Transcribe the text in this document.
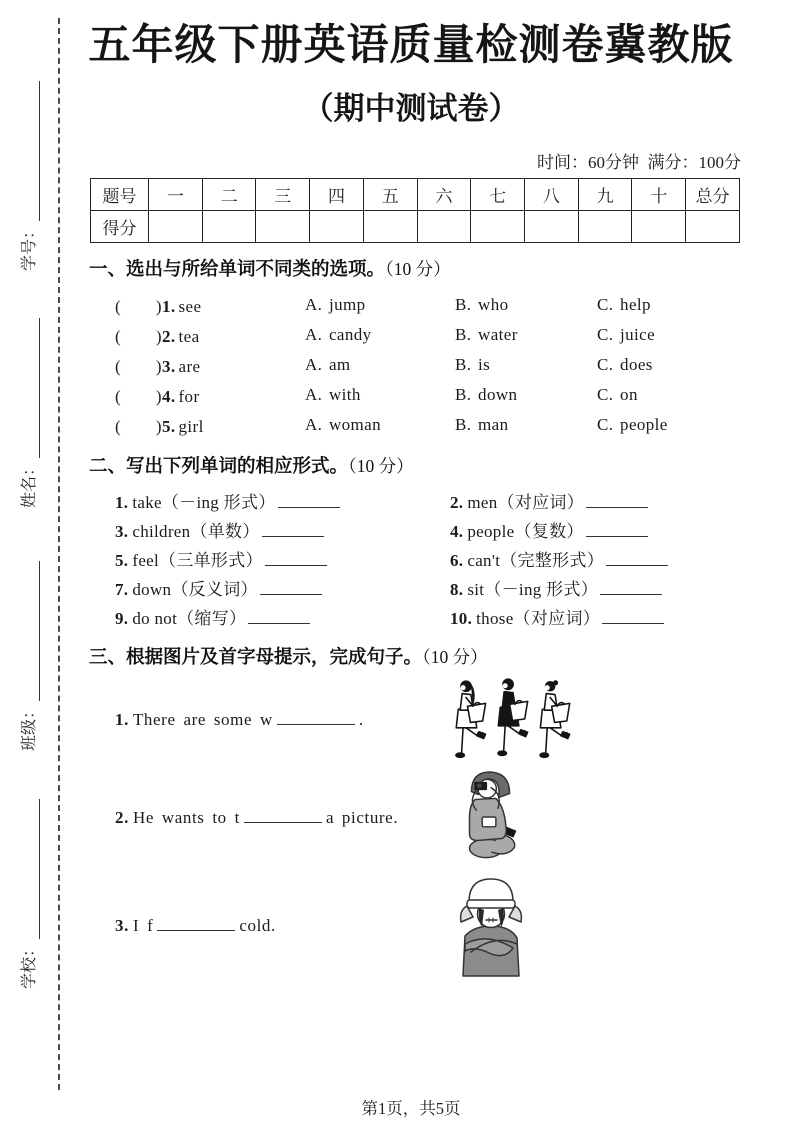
学号：
姓名：
班级：
学校：
五年级下册英语质量检测卷冀教版
（期中测试卷）
时间：60分钟  满分：100分
题号	一	二	三	四	五	六	七	八	九	十	总分
得分											
一、选出与所给单词不同类的选项。（10 分）
(　　)1. see	A. jump	B. who	C. help
(　　)2. tea	A. candy	B. water	C. juice
(　　)3. are	A. am	B. is	C. does
(　　)4. for	A. with	B. down	C. on
(　　)5. girl	A. woman	B. man	C. people
二、写出下列单词的相应形式。（10 分）
1. take（－ing 形式）	2. men（对应词）
3. children（单数）	4. people（复数）
5. feel（三单形式）	6. can't（完整形式）
7. down（反义词）	8. sit（－ing 形式）
9. do not（缩写）	10. those（对应词）
三、根据图片及首字母提示，完成句子。（10 分）
1. There are some w	.
2. He wants to t	a picture.
3. I f	cold.
第1页，共5页
